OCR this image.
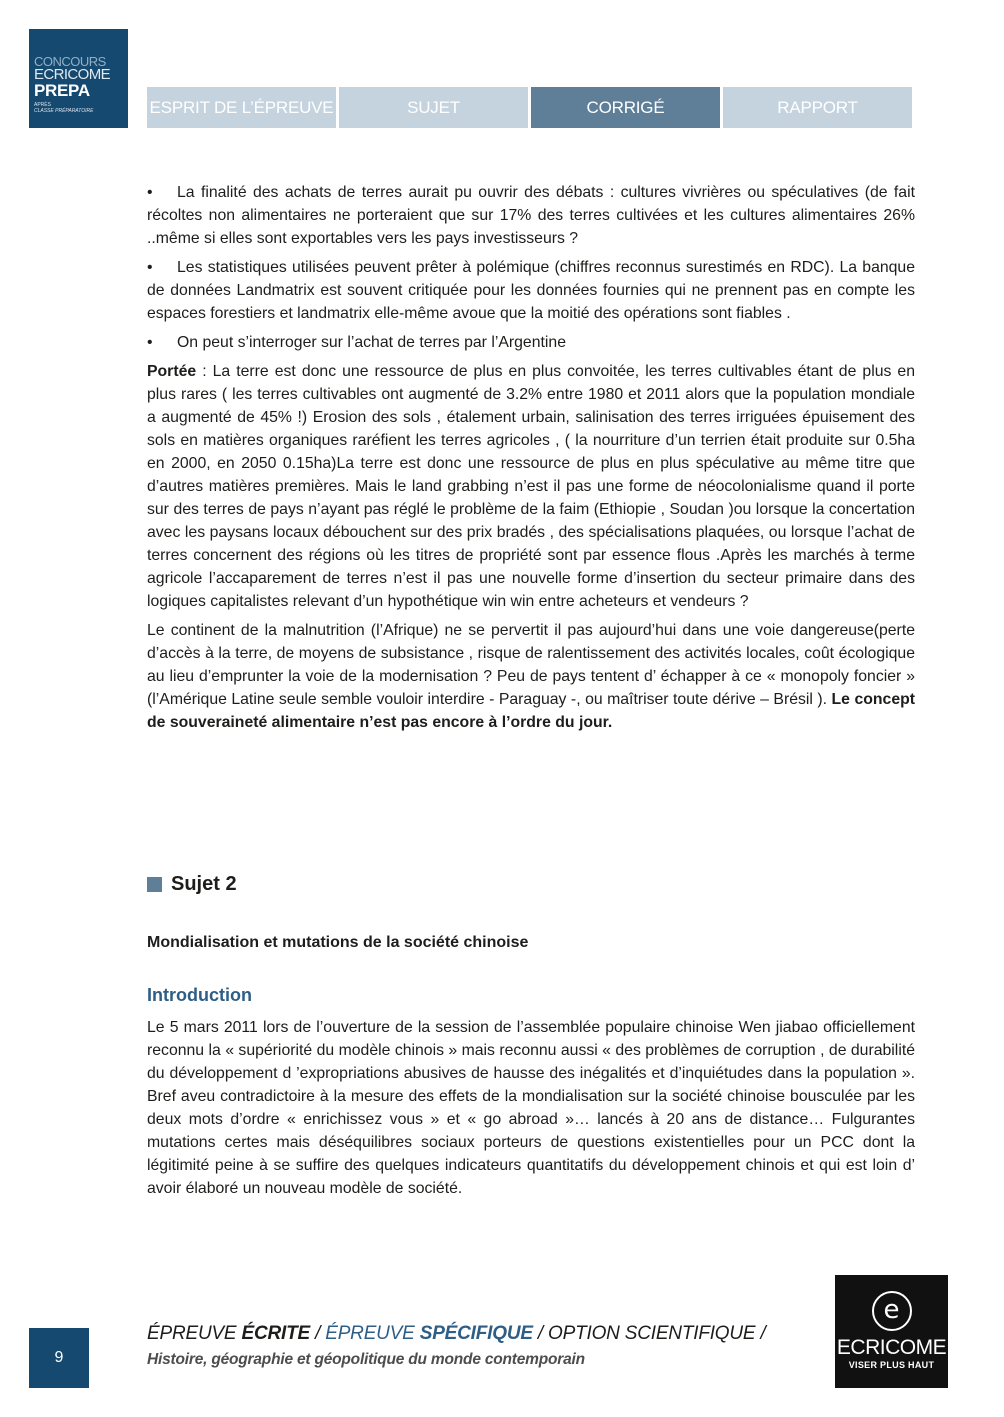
CONCOURS
ECRICOME
PREPA
APRÈS
CLASSE PRÉPARATOIRE	ESPRIT DE L’ÉPREUVE	SUJET	CORRIGÉ	RAPPORT

• La finalité des achats de terres aurait pu ouvrir des débats : cultures vivrières ou spéculatives (de fait récoltes non alimentaires ne porteraient que sur 17% des terres cultivées et les cultures alimentaires 26% ..même si elles sont exportables vers les pays investisseurs ?

• Les statistiques utilisées peuvent prêter à polémique (chiffres reconnus surestimés en RDC). La banque de données Landmatrix est souvent critiquée pour les données fournies qui ne prennent pas en compte les espaces forestiers et landmatrix elle-même avoue que la moitié des opérations sont fiables .

• On peut s’interroger sur l’achat de terres par l’Argentine

Portée : La terre est donc une ressource de plus en plus convoitée, les terres cultivables étant de plus en plus rares ( les terres cultivables ont augmenté de 3.2% entre 1980 et 2011 alors que la population mondiale a augmenté de 45% !) Erosion des sols , étalement urbain, salinisation des terres irriguées épuisement des sols en matières organiques raréfient les terres agricoles , ( la nourriture d’un terrien était produite sur 0.5ha en 2000, en 2050 0.15ha)La terre est donc une ressource de plus en plus spéculative au même titre que d’autres matières premières. Mais le land grabbing n’est il pas une forme de néocolonialisme quand il porte sur des terres de pays n’ayant pas réglé le problème de la faim (Ethiopie , Soudan )ou lorsque la concertation avec les paysans locaux débouchent sur des prix bradés , des spécialisations plaquées, ou lorsque l’achat de terres concernent des régions où les titres de propriété sont par essence flous .Après les marchés à terme agricole l’accaparement de terres n’est il pas une nouvelle forme d’insertion du secteur primaire dans des logiques capitalistes relevant d’un hypothétique win win entre acheteurs et vendeurs ?

Le continent de la malnutrition (l’Afrique) ne se pervertit il pas aujourd’hui dans une voie dangereuse(perte d’accès à la terre, de moyens de subsistance , risque de ralentissement des activités locales, coût écologique au lieu d’emprunter la voie de la modernisation ? Peu de pays tentent d’ échapper à ce « monopoly foncier » (l’Amérique Latine seule semble vouloir interdire - Paraguay -, ou maîtriser toute dérive – Brésil ). Le concept de souveraineté alimentaire n’est pas encore à l’ordre du jour.

Sujet 2
Mondialisation et mutations de la société chinoise
Introduction
Le 5 mars 2011 lors de l’ouverture de la session de l’assemblée populaire chinoise Wen jiabao officiellement reconnu la « supériorité du modèle chinois » mais reconnu aussi « des problèmes de corruption , de durabilité du développement d ’expropriations abusives de hausse des inégalités et d’inquiétudes dans la population ». Bref aveu contradictoire à la mesure des effets de la mondialisation sur la société chinoise bousculée par les deux mots d’ordre « enrichissez vous » et « go abroad »… lancés à 20 ans de distance… Fulgurantes mutations certes mais déséquilibres sociaux porteurs de questions existentielles pour un PCC dont la légitimité peine à se suffire des quelques indicateurs quantitatifs du développement chinois et qui est loin d’ avoir élaboré un nouveau modèle de société.
9
ÉPREUVE ÉCRITE / ÉPREUVE SPÉCIFIQUE / OPTION SCIENTIFIQUE /
Histoire, géographie et géopolitique du monde contemporain
e
ECRICOME
VISER PLUS HAUT
